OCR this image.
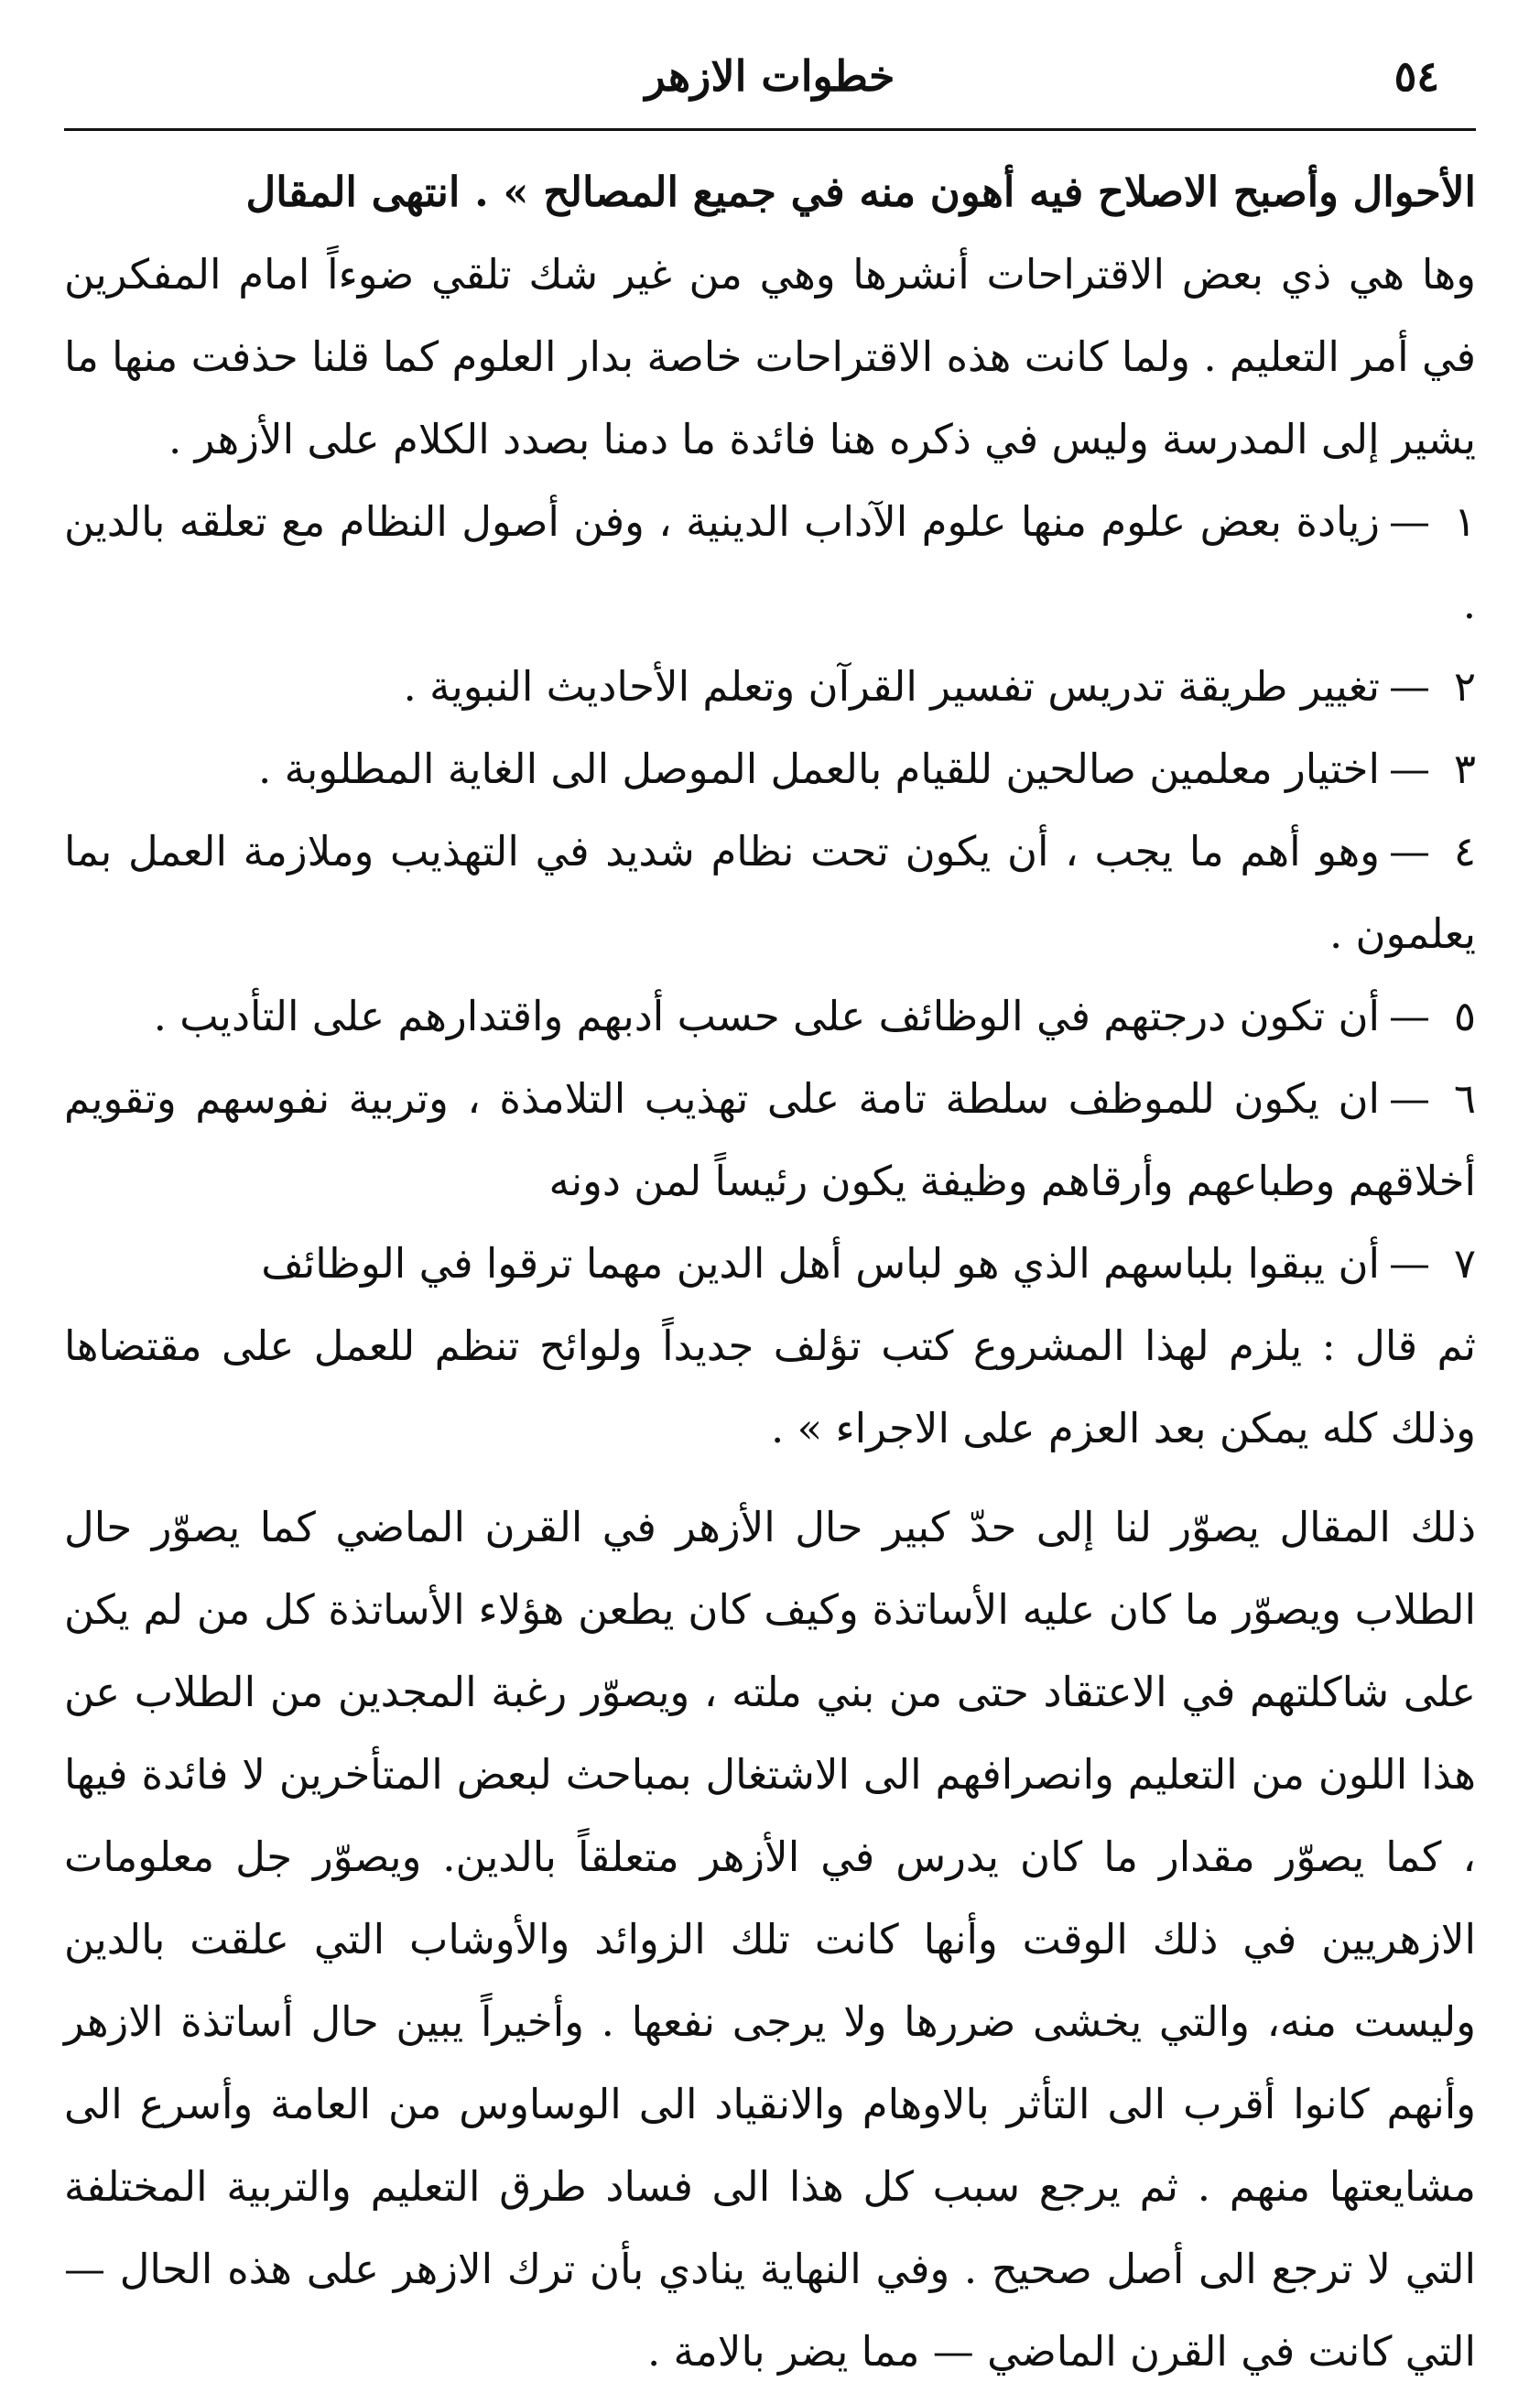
٥٤
خطوات الازهر

الأحوال وأصبح الاصلاح فيه أهون منه في جميع المصالح » . انتهى المقال

وها هي ذي بعض الاقتراحات أنشرها وهي من غير شك تلقي ضوءاً امام المفكرين في أمر التعليم . ولما كانت هذه الاقتراحات خاصة بدار العلوم كما قلنا حذفت منها ما يشير إلى المدرسة وليس في ذكره هنا فائدة ما دمنا بصدد الكلام على الأزهر .

١—زيادة بعض علوم منها علوم الآداب الدينية ، وفن أصول النظام مع تعلقه بالدين .
٢—تغيير طريقة تدريس تفسير القرآن وتعلم الأحاديث النبوية .
٣—اختيار معلمين صالحين للقيام بالعمل الموصل الى الغاية المطلوبة .
٤—وهو أهم ما يجب ، أن يكون تحت نظام شديد في التهذيب وملازمة العمل بما يعلمون .
٥—أن تكون درجتهم في الوظائف على حسب أدبهم واقتدارهم على التأديب .
٦—ان يكون للموظف سلطة تامة على تهذيب التلامذة ، وتربية نفوسهم وتقويم أخلاقهم وطباعهم وأرقاهم وظيفة يكون رئيساً لمن دونه
٧—أن يبقوا بلباسهم الذي هو لباس أهل الدين مهما ترقوا في الوظائف

ثم قال : يلزم لهذا المشروع كتب تؤلف جديداً ولوائح تنظم للعمل على مقتضاها وذلك كله يمكن بعد العزم على الاجراء » .

ذلك المقال يصوّر لنا إلى حدّ كبير حال الأزهر في القرن الماضي كما يصوّر حال الطلاب ويصوّر ما كان عليه الأساتذة وكيف كان يطعن هؤلاء الأساتذة كل من لم يكن على شاكلتهم في الاعتقاد حتى من بني ملته ، ويصوّر رغبة المجدين من الطلاب عن هذا اللون من التعليم وانصرافهم الى الاشتغال بمباحث لبعض المتأخرين لا فائدة فيها ، كما يصوّر مقدار ما كان يدرس في الأزهر متعلقاً بالدين. ويصوّر جل معلومات الازهريين في ذلك الوقت وأنها كانت تلك الزوائد والأوشاب التي علقت بالدين وليست منه، والتي يخشى ضررها ولا يرجى نفعها . وأخيراً يبين حال أساتذة الازهر وأنهم كانوا أقرب الى التأثر بالاوهام والانقياد الى الوساوس من العامة وأسرع الى مشايعتها منهم . ثم يرجع سبب كل هذا الى فساد طرق التعليم والتربية المختلفة التي لا ترجع الى أصل صحيح . وفي النهاية ينادي بأن ترك الازهر على هذه الحال — التي كانت في القرن الماضي — مما يضر بالامة .
